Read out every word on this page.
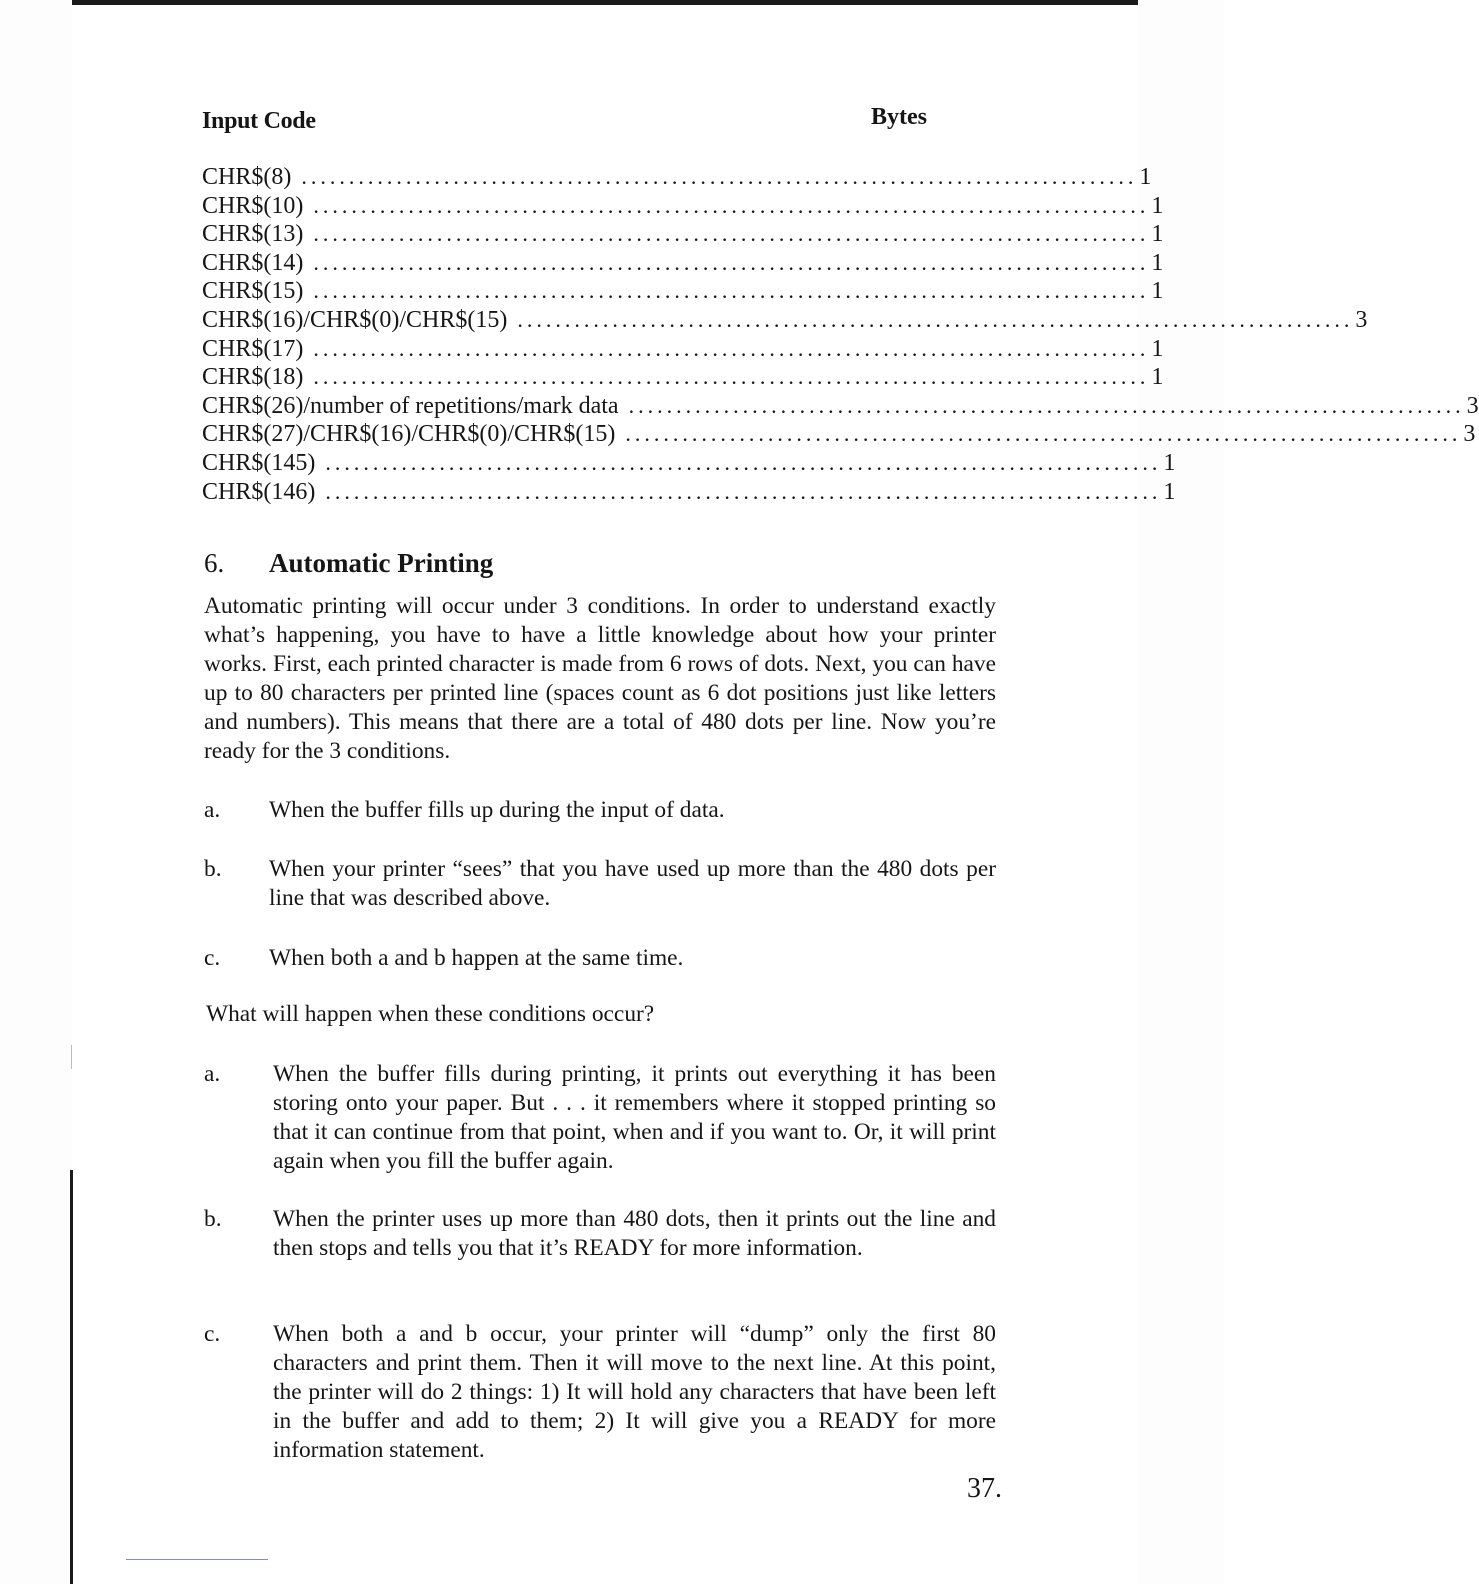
Input Code	Bytes
CHR$(8) ........................................................................................ 1
CHR$(10) ........................................................................................ 1
CHR$(13) ........................................................................................ 1
CHR$(14) ........................................................................................ 1
CHR$(15) ........................................................................................ 1
CHR$(16)/CHR$(0)/CHR$(15) ........................................................................................ 3
CHR$(17) ........................................................................................ 1
CHR$(18) ........................................................................................ 1
CHR$(26)/number of repetitions/mark data ........................................................................................ 3
CHR$(27)/CHR$(16)/CHR$(0)/CHR$(15) ........................................................................................ 3
CHR$(145) ........................................................................................ 1
CHR$(146) ........................................................................................ 1
6. Automatic Printing
Automatic printing will occur under 3 conditions. In order to understand exactly what’s happening, you have to have a little knowledge about how your printer works. First, each printed character is made from 6 rows of dots. Next, you can have up to 80 characters per printed line (spaces count as 6 dot positions just like letters and numbers). This means that there are a total of 480 dots per line. Now you’re ready for the 3 conditions.
a. When the buffer fills up during the input of data.
b. When your printer “sees” that you have used up more than the 480 dots per line that was described above.
c. When both a and b happen at the same time.
What will happen when these conditions occur?
a. When the buffer fills during printing, it prints out everything it has been storing onto your paper. But . . . it remembers where it stopped printing so that it can continue from that point, when and if you want to. Or, it will print again when you fill the buffer again.
b. When the printer uses up more than 480 dots, then it prints out the line and then stops and tells you that it’s READY for more information.
c. When both a and b occur, your printer will “dump” only the first 80 characters and print them. Then it will move to the next line. At this point, the printer will do 2 things: 1) It will hold any characters that have been left in the buffer and add to them; 2) It will give you a READY for more information statement.
37.
